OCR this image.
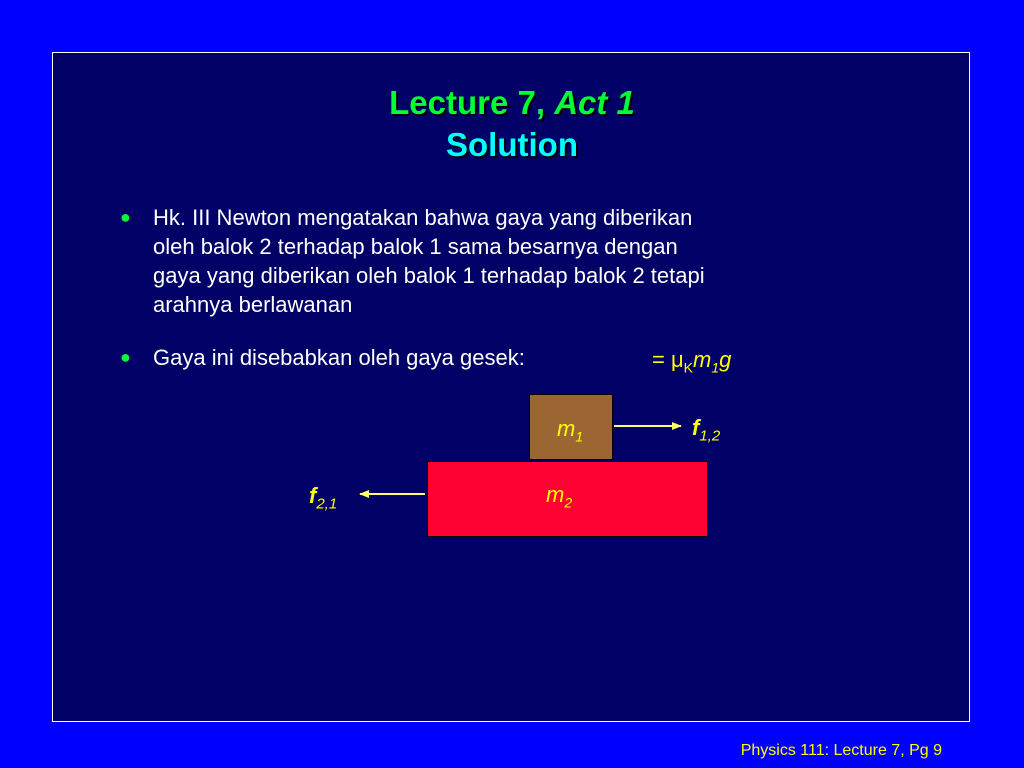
Lecture 7, Act 1
Solution
●	Hk. III Newton mengatakan bahwa gaya yang diberikan
oleh balok 2 terhadap balok 1 sama besarnya dengan
gaya yang diberikan oleh balok 1 terhadap balok 2 tetapi
arahnya berlawanan
●	Gaya ini disebabkan oleh gaya gesek:	= $\mu_Km_1g$
$m_1$
$m_2$
$f_{1,2}$
$f_{2,1}$
Physics 111: Lecture 7, Pg 9
